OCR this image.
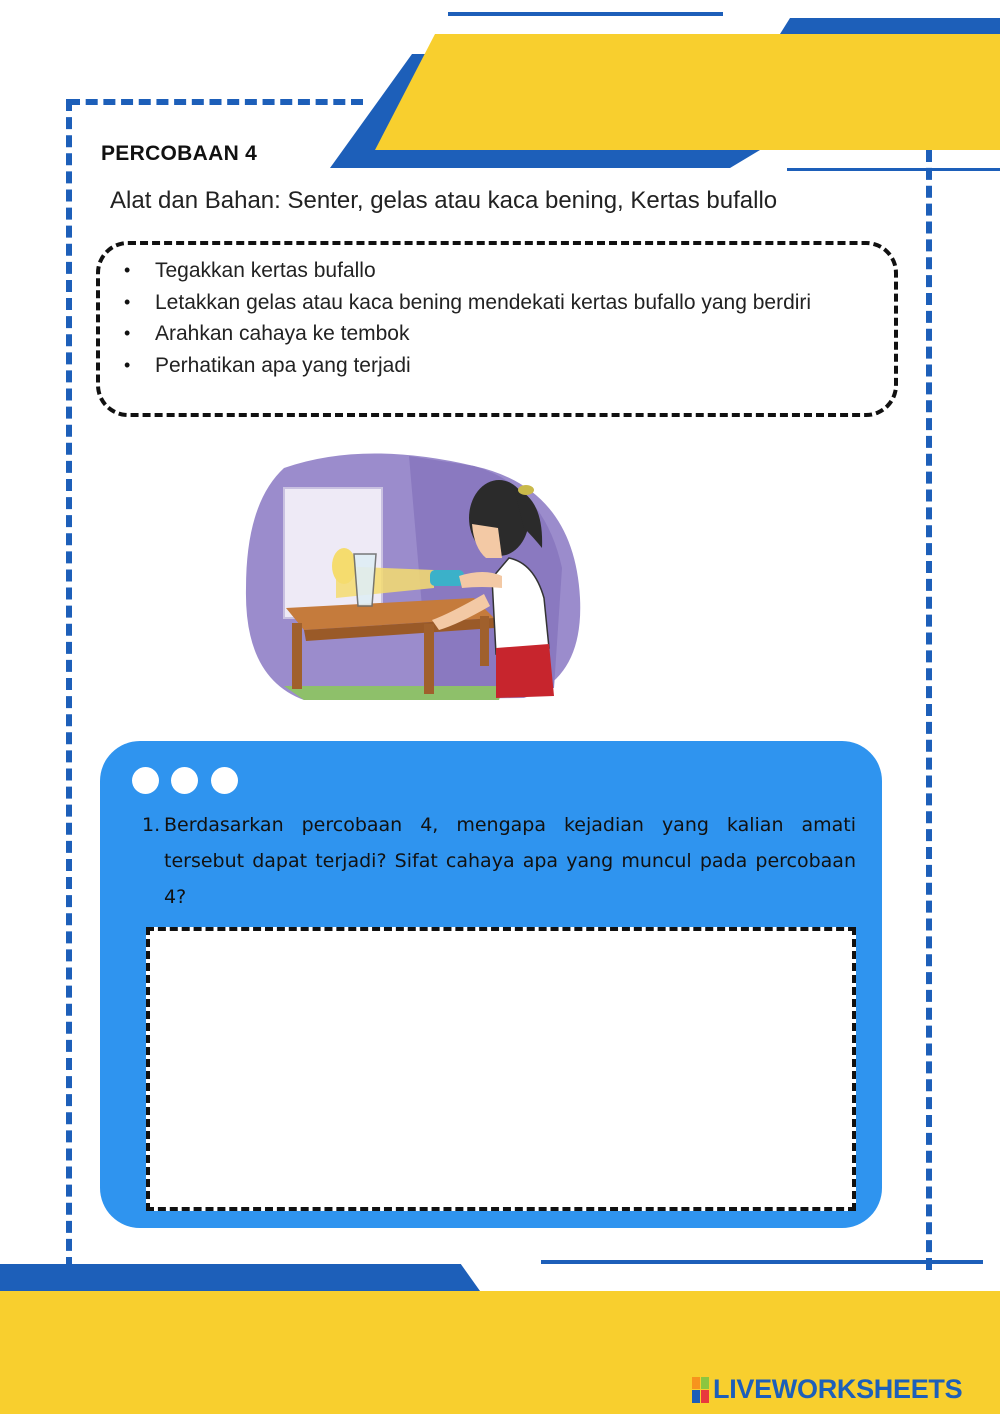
PERCOBAAN 4
Alat dan Bahan: Senter, gelas atau kaca bening, Kertas bufallo
• Tegakkan kertas bufallo
• Letakkan gelas atau kaca bening mendekati kertas bufallo yang berdiri
• Arahkan cahaya ke tembok
• Perhatikan apa yang terjadi
1. Berdasarkan percobaan 4, mengapa kejadian yang kalian amati tersebut dapat terjadi? Sifat cahaya apa yang muncul pada percobaan 4?
LIVEWORKSHEETS
